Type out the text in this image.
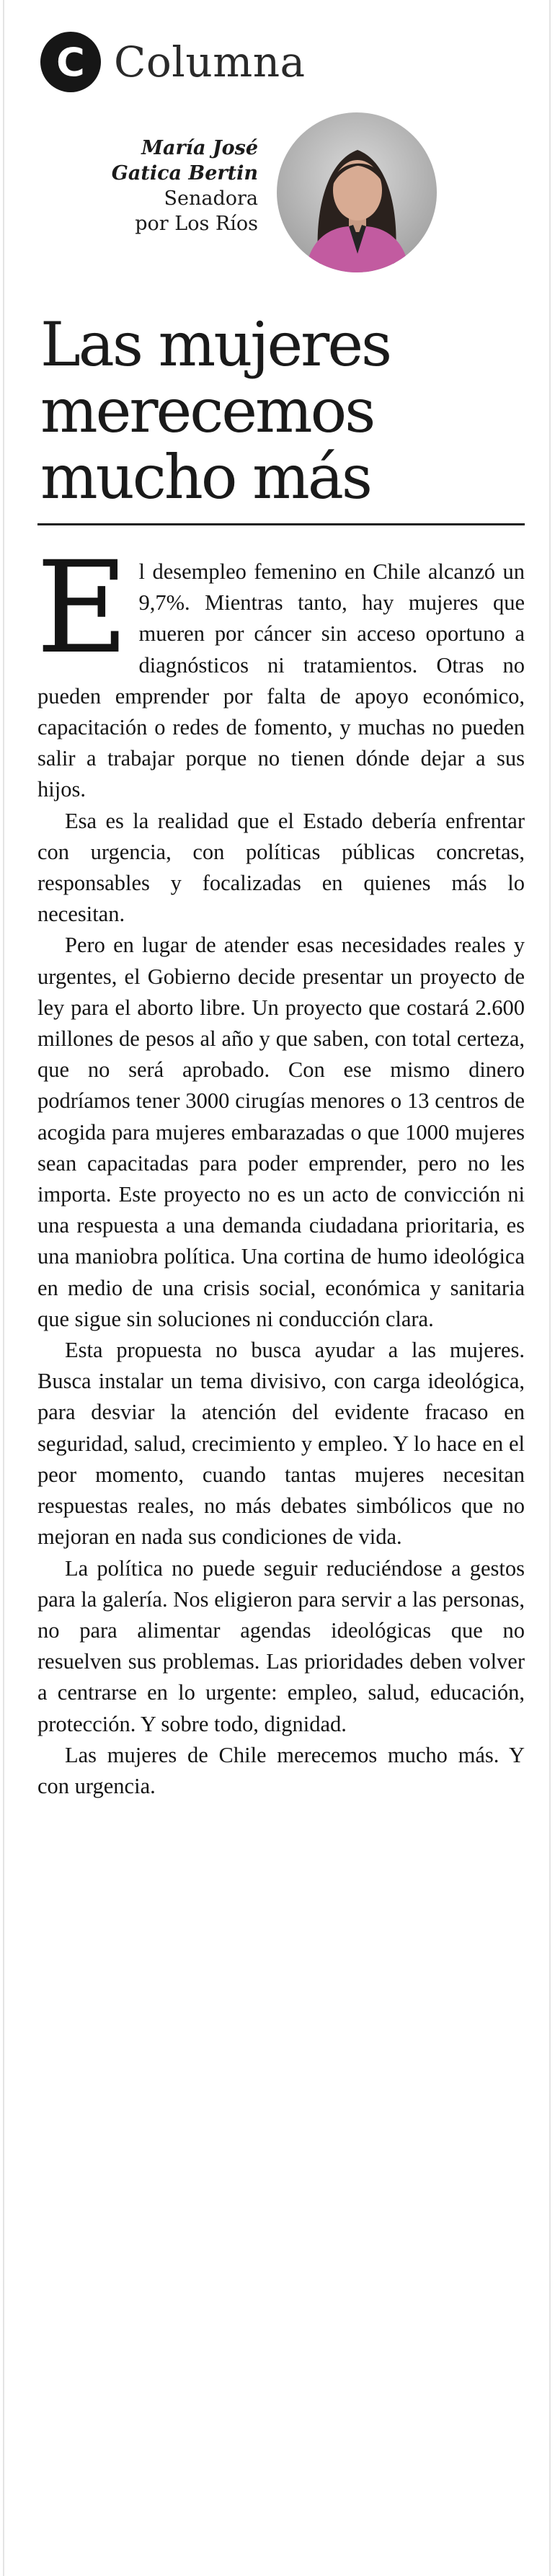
C Columna
María José
Gatica Bertin
Senadora
por Los Ríos
Las mujeres
merecemos
mucho más

El desempleo femenino en Chile alcanzó un 9,7%. Mientras tanto, hay mujeres que mueren por cáncer sin acceso oportuno a diagnósticos ni tratamientos. Otras no pueden emprender por falta de apoyo económico, capacitación o redes de fomento, y muchas no pueden salir a trabajar porque no tienen dónde dejar a sus hijos.

Esa es la realidad que el Estado debería enfrentar con urgencia, con políticas públicas concretas, responsables y focalizadas en quienes más lo necesitan.

Pero en lugar de atender esas necesidades reales y urgentes, el Gobierno decide presentar un proyecto de ley para el aborto libre. Un proyecto que costará 2.600 millones de pesos al año y que saben, con total certeza, que no será aprobado. Con ese mismo dinero podríamos tener 3000 cirugías menores o 13 centros de acogida para mujeres embarazadas o que 1000 mujeres sean capacitadas para poder emprender, pero no les importa. Este proyecto no es un acto de convicción ni una respuesta a una demanda ciudadana prioritaria, es una maniobra política. Una cortina de humo ideológica en medio de una crisis social, económica y sanitaria que sigue sin soluciones ni conducción clara.

Esta propuesta no busca ayudar a las mujeres. Busca instalar un tema divisivo, con carga ideológica, para desviar la atención del evidente fracaso en seguridad, salud, crecimiento y empleo. Y lo hace en el peor momento, cuando tantas mujeres necesitan respuestas reales, no más debates simbólicos que no mejoran en nada sus condiciones de vida.

La política no puede seguir reduciéndose a gestos para la galería. Nos eligieron para servir a las personas, no para alimentar agendas ideológicas que no resuelven sus problemas. Las prioridades deben volver a centrarse en lo urgente: empleo, salud, educación, protección. Y sobre todo, dignidad.

Las mujeres de Chile merecemos mucho más. Y con urgencia.
